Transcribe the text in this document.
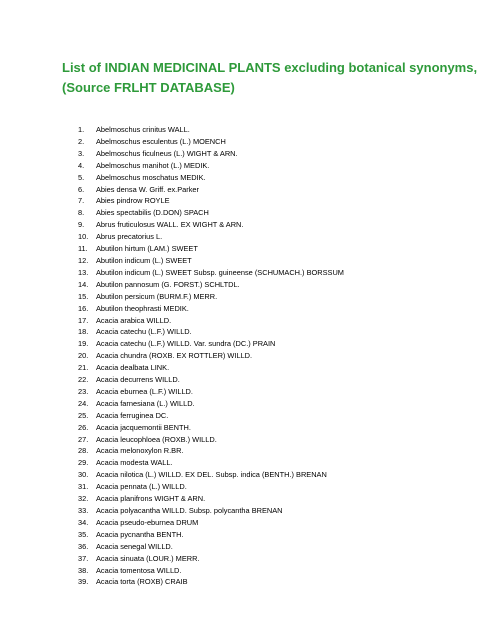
List of INDIAN MEDICINAL PLANTS excluding botanical synonyms,
(Source FRLHT DATABASE)
1.	Abelmoschus crinitus WALL.
2.	Abelmoschus esculentus (L.) MOENCH
3.	Abelmoschus ficulneus (L.) WIGHT & ARN.
4.	Abelmoschus manihot (L.) MEDIK.
5.	Abelmoschus moschatus MEDIK.
6.	Abies densa W. Griff. ex.Parker
7.	Abies pindrow ROYLE
8.	Abies spectabilis (D.DON) SPACH
9.	Abrus fruticulosus WALL. EX WIGHT & ARN.
10.	Abrus precatorius L.
11.	Abutilon hirtum (LAM.) SWEET
12.	Abutilon indicum (L.) SWEET
13.	Abutilon indicum (L.) SWEET Subsp. guineense (SCHUMACH.) BORSSUM
14.	Abutilon pannosum (G. FORST.) SCHLTDL.
15.	Abutilon persicum (BURM.F.) MERR.
16.	Abutilon theophrasti MEDIK.
17.	Acacia arabica WILLD.
18.	Acacia catechu (L.F.) WILLD.
19.	Acacia catechu (L.F.) WILLD. Var. sundra (DC.) PRAIN
20.	Acacia chundra (ROXB. EX ROTTLER) WILLD.
21.	Acacia dealbata LINK.
22.	Acacia decurrens WILLD.
23.	Acacia eburnea (L.F.) WILLD.
24.	Acacia farnesiana (L.) WILLD.
25.	Acacia ferruginea DC.
26.	Acacia jacquemontii BENTH.
27.	Acacia leucophloea (ROXB.) WILLD.
28.	Acacia melonoxylon R.BR.
29.	Acacia modesta WALL.
30.	Acacia nilotica (L.) WILLD. EX DEL. Subsp. indica (BENTH.) BRENAN
31.	Acacia pennata (L.) WILLD.
32.	Acacia planifrons WIGHT & ARN.
33.	Acacia polyacantha WILLD. Subsp. polycantha BRENAN
34.	Acacia pseudo-eburnea DRUM
35.	Acacia pycnantha BENTH.
36.	Acacia senegal WILLD.
37.	Acacia sinuata (LOUR.) MERR.
38.	Acacia tomentosa WILLD.
39.	Acacia torta (ROXB) CRAIB
